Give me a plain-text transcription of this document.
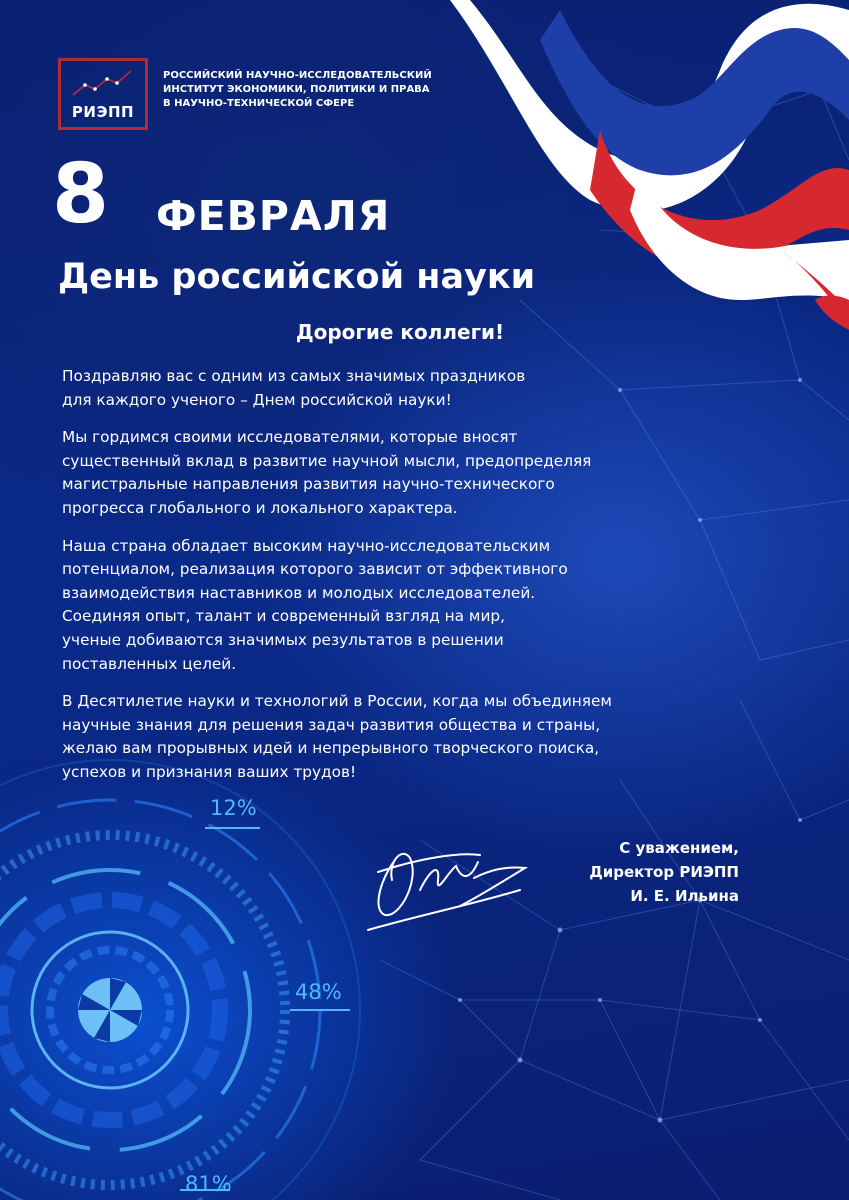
РИЭПП
РОССИЙСКИЙ НАУЧНО-ИССЛЕДОВАТЕЛЬСКИЙ
ИНСТИТУТ ЭКОНОМИКИ, ПОЛИТИКИ И ПРАВА
В НАУЧНО-ТЕХНИЧЕСКОЙ СФЕРЕ
8 ФЕВРАЛЯ
День российской науки
Дорогие коллеги!

Поздравляю вас с одним из самых значимых праздников
для каждого ученого – Днем российской науки!

Мы гордимся своими исследователями, которые вносят
существенный вклад в развитие научной мысли, предопределяя
магистральные направления развития научно-технического
прогресса глобального и локального характера.

Наша страна обладает высоким научно-исследовательским
потенциалом, реализация которого зависит от эффективного
взаимодействия наставников и молодых исследователей.
Соединяя опыт, талант и современный взгляд на мир,
ученые добиваются значимых результатов в решении
поставленных целей.

В Десятилетие науки и технологий в России, когда мы объединяем
научные знания для решения задач развития общества и страны,
желаю вам прорывных идей и непрерывного творческого поиска,
успехов и признания ваших трудов!

С уважением,
Директор РИЭПП
И. Е. Ильина
12%
48%
81%
